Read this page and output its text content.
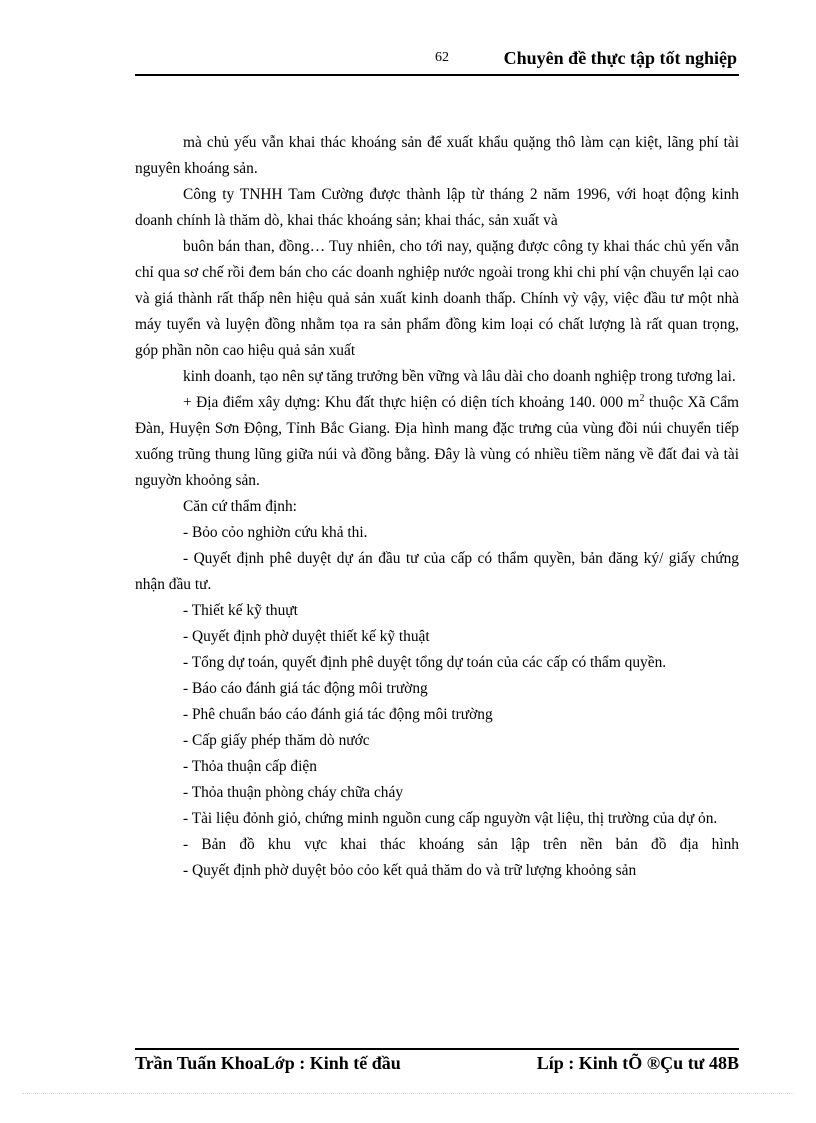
62	Chuyên đề thực tập tốt nghiệp

mà chủ yếu vẫn khai thác khoáng sản để xuất khẩu quặng thô làm cạn kiệt, lãng phí tài nguyên khoáng sản.

Công ty TNHH Tam Cường được thành lập từ tháng 2 năm 1996, với hoạt động kinh doanh chính là thăm dò, khai thác khoáng sản; khai thác, sản xuất và

buôn bán than, đồng… Tuy nhiên, cho tới nay, quặng được công ty khai thác chủ yến vẫn chỉ qua sơ chế rồi đem bán cho các doanh nghiệp nước ngoài trong khi chi phí vận chuyển lại cao và giá thành rất thấp nên hiệu quả sản xuất kinh doanh thấp. Chính vỳ vậy, việc đầu tư một nhà máy tuyển và luyện đồng nhằm tọa ra sản phẩm đồng kim loại có chất lượng là rất quan trọng, góp phần nõn cao hiệu quả sản xuất

kinh doanh, tạo nên sự tăng trưởng bền vững và lâu dài cho doanh nghiệp trong tương lai.

+ Địa điểm xây dựng: Khu đất thực hiện có diện tích khoảng 140. 000 $m^2$ thuộc Xã Cẩm Đàn, Huyện Sơn Động, Tỉnh Bắc Giang. Địa hình mang đặc trưng của vùng đồi núi chuyển tiếp xuống trũng thung lũng giữa núi và đồng bằng. Đây là vùng có nhiều tiềm năng về đất đai và tài nguyờn khoỏng sản.

Căn cứ thẩm định:

- Bỏo cỏo nghiờn cứu khả thi.

- Quyết định phê duyệt dự án đầu tư của cấp có thẩm quyền, bản đăng ký/ giấy chứng nhận đầu tư.

- Thiết kế kỹ thuựt

- Quyết định phờ duyệt thiết kế kỹ thuật

- Tổng dự toán, quyết định phê duyệt tổng dự toán của các cấp có thẩm quyền.

- Báo cáo đánh giá tác động môi trường

- Phê chuẩn báo cáo đánh giá tác động môi trường

- Cấp giấy phép thăm dò nước

- Thỏa thuận cấp điện

- Thỏa thuận phòng cháy chữa cháy

- Tài liệu đỏnh giỏ, chứng minh nguồn cung cấp nguyờn vật liệu, thị trường của dự ỏn.

- Bản đồ khu vực khai thác khoáng sản lập trên nền bản đồ địa hình

- Quyết định phờ duyệt bỏo cỏo kết quả thăm do và trữ lượng khoỏng sản

Trần Tuấn KhoaLớp : Kinh tế đầu	Líp : Kinh tÕ ®Çu tư 48B
